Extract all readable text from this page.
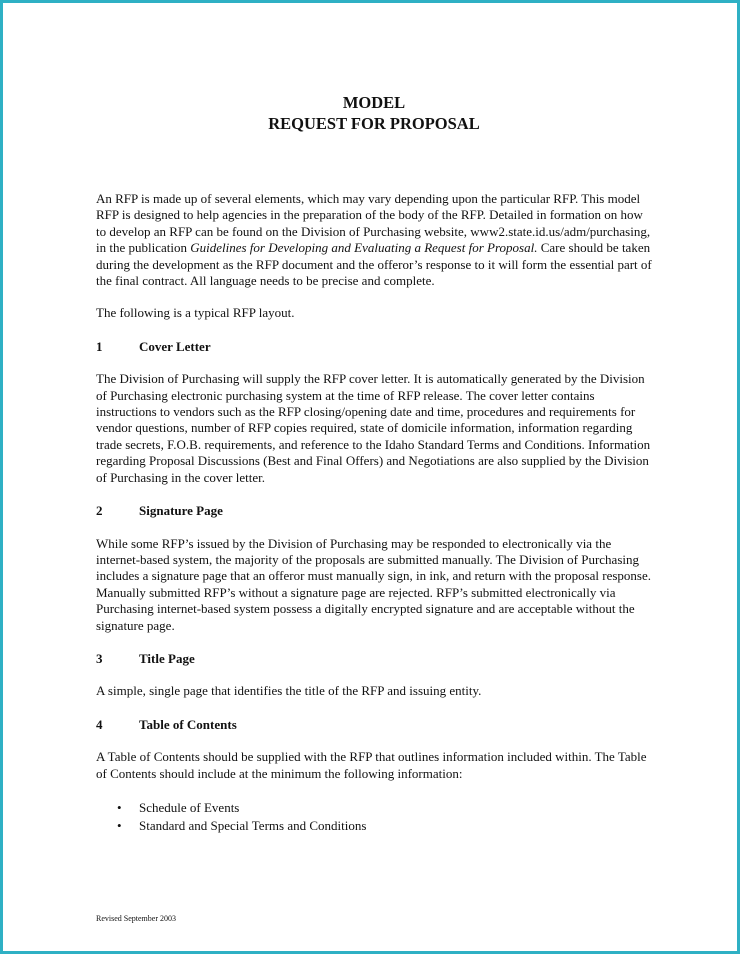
MODEL
REQUEST FOR PROPOSAL

An RFP is made up of several elements, which may vary depending upon the particular RFP. This model RFP is designed to help agencies in the preparation of the body of the RFP. Detailed in formation on how to develop an RFP can be found on the Division of Purchasing website, www2.state.id.us/adm/purchasing, in the publication Guidelines for Developing and Evaluating a Request for Proposal. Care should be taken during the development as the RFP document and the offeror’s response to it will form the essential part of the final contract. All language needs to be precise and complete.

The following is a typical RFP layout.

1	Cover Letter

The Division of Purchasing will supply the RFP cover letter. It is automatically generated by the Division of Purchasing electronic purchasing system at the time of RFP release. The cover letter contains instructions to vendors such as the RFP closing/opening date and time, procedures and requirements for vendor questions, number of RFP copies required, state of domicile information, information regarding trade secrets, F.O.B. requirements, and reference to the Idaho Standard Terms and Conditions. Information regarding Proposal Discussions (Best and Final Offers) and Negotiations are also supplied by the Division of Purchasing in the cover letter.

2	Signature Page

While some RFP’s issued by the Division of Purchasing may be responded to electronically via the internet-based system, the majority of the proposals are submitted manually. The Division of Purchasing includes a signature page that an offeror must manually sign, in ink, and return with the proposal response. Manually submitted RFP’s without a signature page are rejected. RFP’s submitted electronically via Purchasing internet-based system possess a digitally encrypted signature and are acceptable without the signature page.

3	Title Page

A simple, single page that identifies the title of the RFP and issuing entity.

4	Table of Contents

A Table of Contents should be supplied with the RFP that outlines information included within. The Table of Contents should include at the minimum the following information:

• Schedule of Events
• Standard and Special Terms and Conditions
Revised September 2003
